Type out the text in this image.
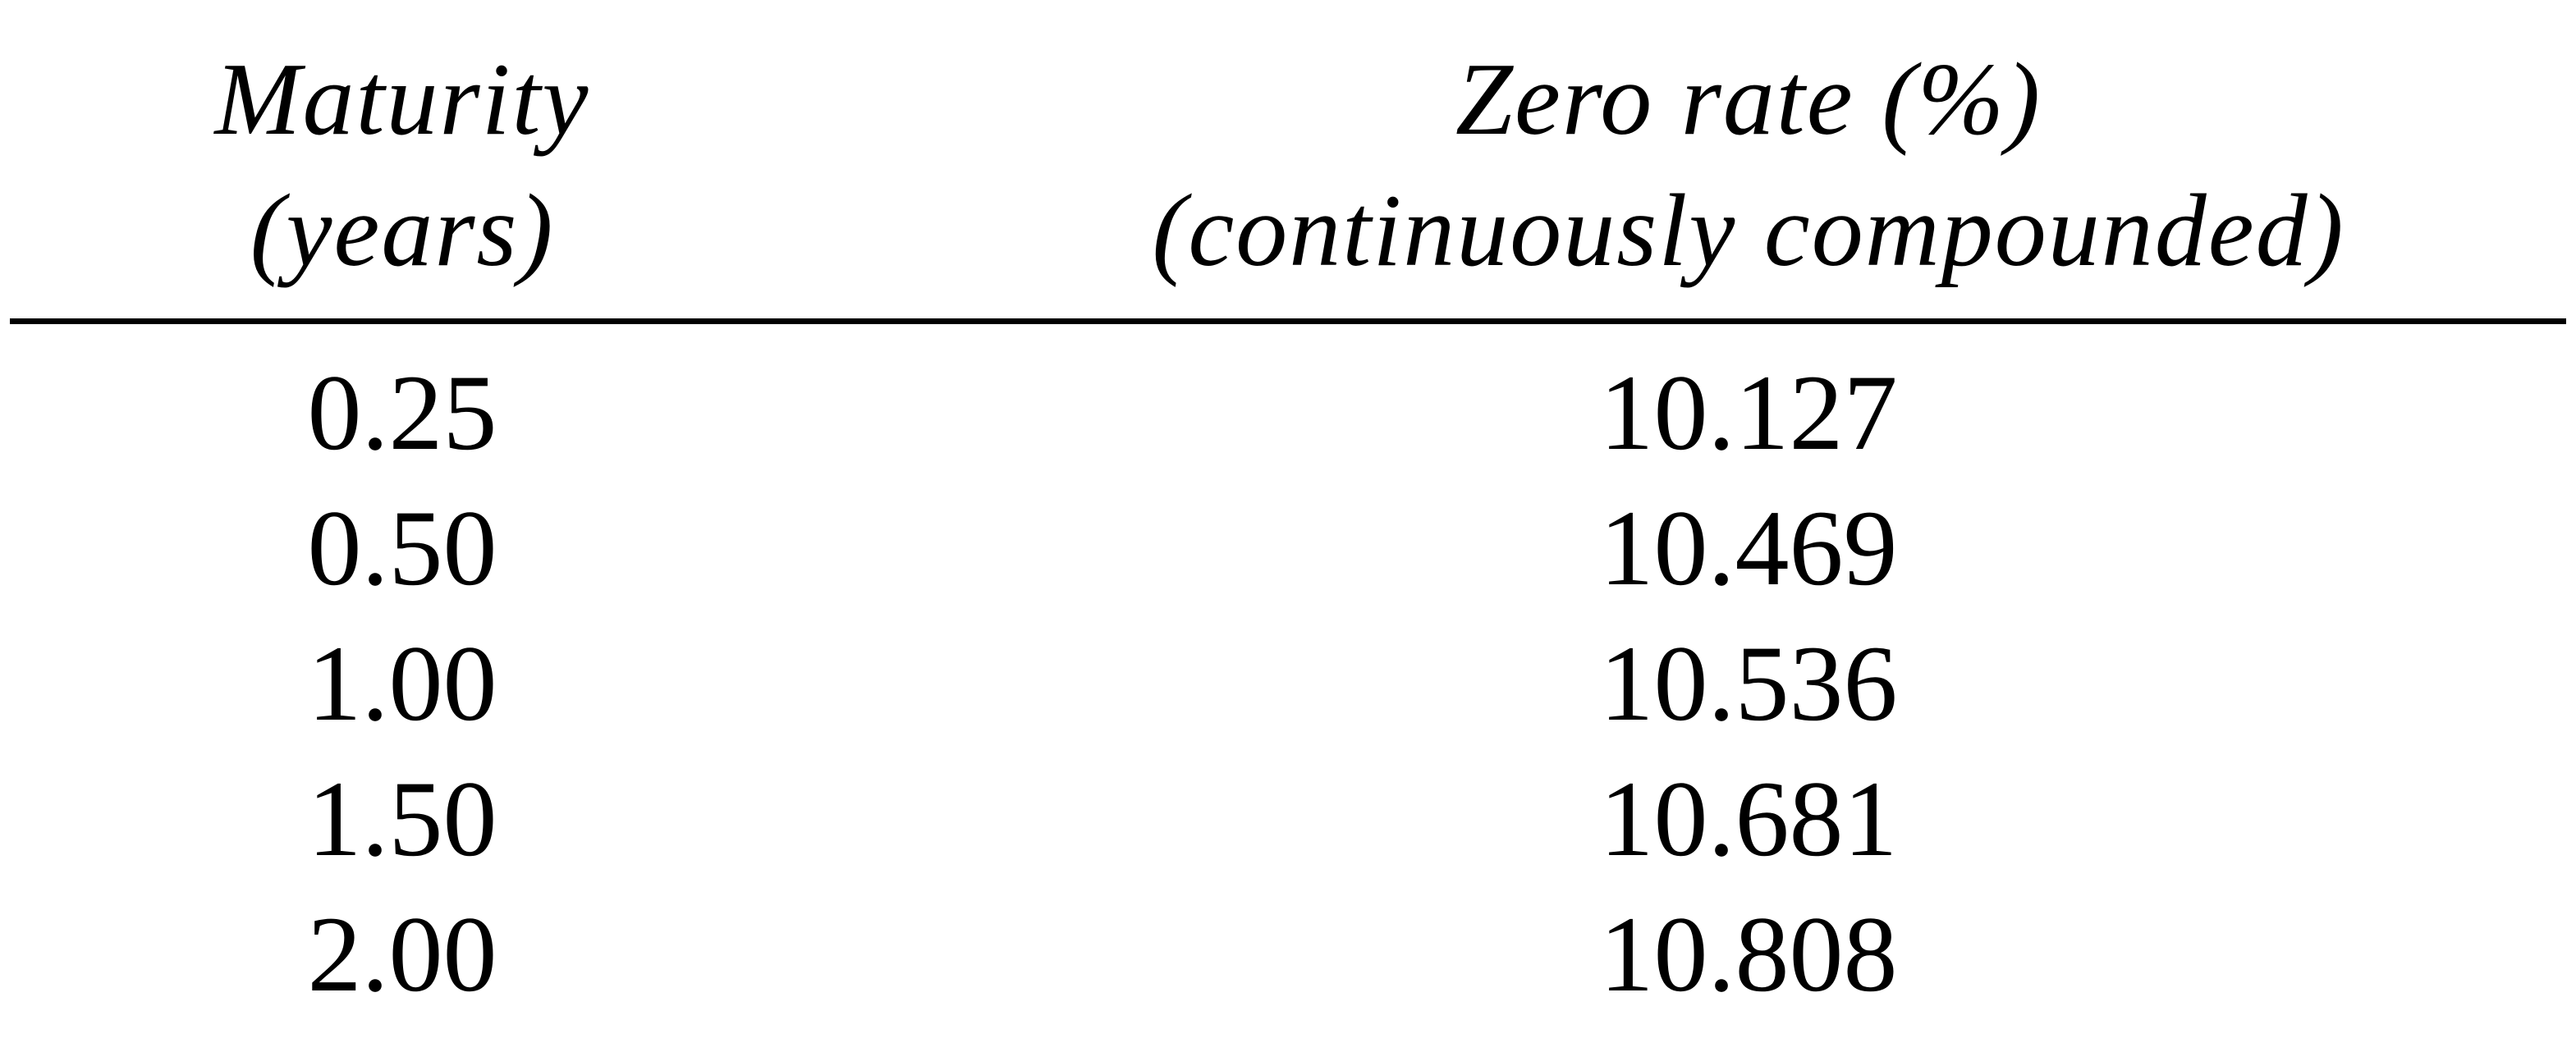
Maturity
(years)
Zero rate (%)
(continuously compounded)
0.25	10.127
0.50	10.469
1.00	10.536
1.50	10.681
2.00	10.808
